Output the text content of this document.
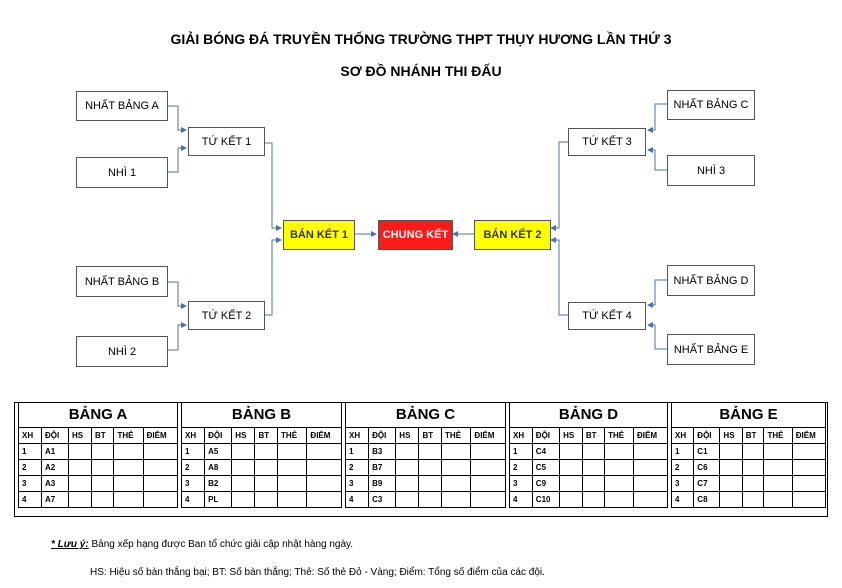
GIẢI BÓNG ĐÁ TRUYỀN THỐNG TRƯỜNG THPT THỤY HƯƠNG LẦN THỨ 3
SƠ ĐỒ NHÁNH THI ĐẤU
NHẤT BẢNG A
NHÌ 1
NHẤT BẢNG B
NHÌ 2
TỨ KẾT 1
TỨ KẾT 2
BÁN KẾT 1	CHUNG KẾT	BÁN KẾT 2
TỨ KẾT 3
TỨ KẾT 4
NHẤT BẢNG C
NHÌ 3
NHẤT BẢNG D
NHẤT BẢNG E
BẢNG A
XH	ĐỘI	HS	BT	THẺ	ĐIỂM
1	A1				
2	A2				
3	A3				
4	A7				
BẢNG B
XH	ĐỘI	HS	BT	THẺ	ĐIỂM
1	A5				
2	A8				
3	B2				
4	PL				
BẢNG C
XH	ĐỘI	HS	BT	THẺ	ĐIỂM
1	B3				
2	B7				
3	B9				
4	C3				
BẢNG D
XH	ĐỘI	HS	BT	THẺ	ĐIỂM
1	C4				
2	C5				
3	C9				
4	C10				
BẢNG E
XH	ĐỘI	HS	BT	THẺ	ĐIỂM
1	C1				
2	C6				
3	C7				
4	C8				
* Lưu ý: Bảng xếp hạng được Ban tổ chức giải cập nhật hàng ngày.
HS: Hiệu số bàn thắng bại; BT: Số bàn thắng; Thẻ: Số thẻ Đỏ - Vàng; Điểm: Tổng số điểm của các đội.
